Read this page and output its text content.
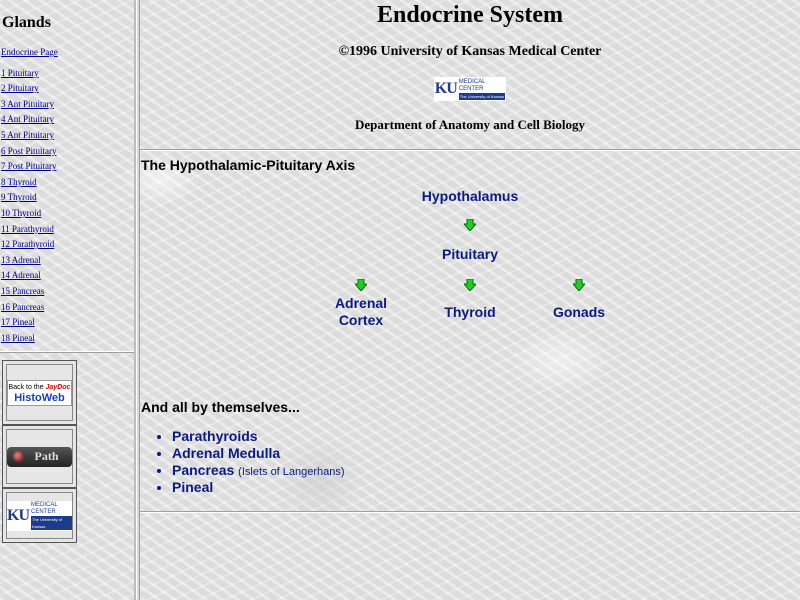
Glands
Endocrine Page
1 Pituitary
2 Pituitary
3 Ant Pituitary
4 Ant Pituitary
5 Ant Pituitary
6 Post Pituitary
7 Post Pituitary
8 Thyroid
9 Thyroid
10 Thyroid
11 Parathyroid
12 Parathyroid
13 Adrenal
14 Adrenal
15 Pancreas
16 Pancreas
17 Pineal
18 Pineal
Back to the JayDoc
HistoWeb
Path
KU
MEDICAL
CENTER
The University of Kansas
Endocrine System
©1996 University of Kansas Medical Center
KU MEDICAL
CENTER
The University of Kansas
Department of Anatomy and Cell Biology
The Hypothalamic-Pituitary Axis
Hypothalamus
Pituitary
Adrenal Cortex	Thyroid	Gonads
And all by themselves...
• Parathyroids
• Adrenal Medulla
• Pancreas (Islets of Langerhans)
• Pineal
